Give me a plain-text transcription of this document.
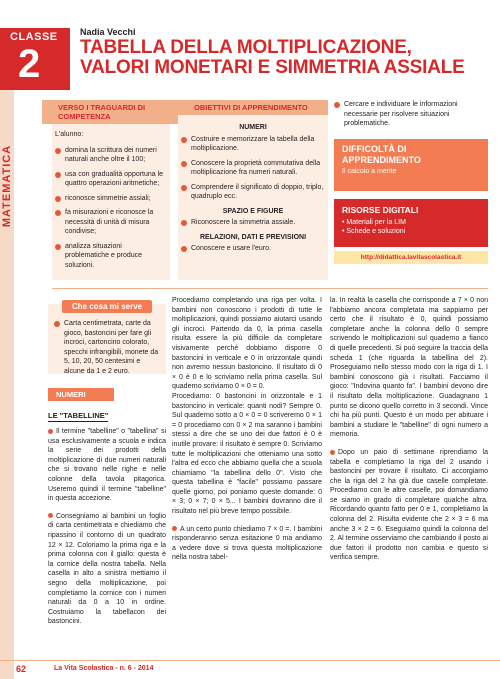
CLASSE
2
MATEMATICA
Nadia Vecchi
TABELLA DELLA MOLTIPLICAZIONE,
VALORI MONETARI E SIMMETRIA ASSIALE
VERSO I TRAGUARDI DI COMPETENZA
L'alunno:
domina la scrittura dei numeri naturali anche oltre il 100;
usa con gradualità opportuna le quattro operazioni aritmetiche;
riconosce simmetrie assiali;
fa misurazioni e riconosce la necessità di unità di misura condivise;
analizza situazioni problematiche e produce soluzioni.
OBIETTIVI DI APPRENDIMENTO
NUMERI
Costruire e memorizzare la tabella della moltiplicazione.
Conoscere la proprietà commutativa della moltiplicazione fra numeri naturali.
Comprendere il significato di doppio, triplo, quadruplo ecc.
SPAZIO E FIGURE
Riconoscere la simmetria assiale.
RELAZIONI, DATI E PREVISIONI
Conoscere e usare l'euro.
Cercare e individuare le informazioni necessarie per risolvere situazioni problematiche.
DIFFICOLTÀ DI APPRENDIMENTO
Il calcolo a mente
RISORSE DIGITALI
• Materiali per la LIM
• Schede e soluzioni
http://didattica.lavitascolastica.it
Che cosa mi serve
Carta centimetrata, carte da gioco, bastoncini per fare gli incroci, cartoncino colorato, specchi infrangibili, monete da 5, 10, 20, 50 centesimi e alcune da 1 e 2 euro.
NUMERI
LE "TABELLINE"

Il termine "tabelline" o "tabellina" si usa esclusivamente a scuola e indica la serie dei prodotti della moltiplicazione di due numeri naturali che si trovano nelle righe e nelle colonne della tavola pitagorica. Useremo quindi il termine "tabelline" in questa accezione.

Consegniamo ai bambini un foglio di carta centimetrata e chiediamo che ripassino il contorno di un quadrato 12 × 12. Coloriamo la prima riga e la prima colonna con il giallo: questa è la cornice della nostra tabella. Nella casella in alto a sinistra mettiamo il segno della moltiplicazione, poi completiamo la cornice con i numeri naturali da 0 a 10 in ordine. Costruiamo la tabellacon dei bastoncini.

Procediamo completando una riga per volta. I bambini non conoscono i prodotti di tutte le moltiplicazioni, quindi possiamo aiutarci usando gli incroci. Partendo da 0, la prima casella risulta essere la più difficile da completare visivamente perché dobbiamo disporre 0 bastoncini in verticale e 0 in orizzontale quindi non avremo nessun bastoncino. Il risultato di 0 × 0 è 0 e lo scriviamo nella prima casella. Sul quaderno scriviamo 0 × 0 = 0.

Procediamo: 0 bastoncini in orizzontale e 1 bastoncino in verticale: quanti nodi? Sempre 0. Sul quaderno sotto a 0 × 0 = 0 scriveremo 0 × 1 = 0 procediamo con 0 × 2 ma saranno i bambini stessi a dire che se uno dei due fattori è 0 è inutile provare: il risultato è sempre 0. Scriviamo tutte le moltiplicazioni che otteniamo una sotto l'altra ed ecco che abbiamo quella che a scuola chiamiamo "la tabellina dello 0". Visto che questa tabellina è "facile" possiamo passare quelle giorno, poi poniamo queste domande: 0 × 3; 0 × 7; 0 × 5... I bambini dovranno dire il risultato nel più breve tempo possibile.

A un certo punto chiediamo 7 × 0 =. I bambini risponderanno senza esitazione 0 ma andiamo a vedere dove si trova questa moltiplicazione nella nostra tabel-

la. In realtà la casella che corrisponde a 7 × 0 non l'abbiamo ancora completata ma sappiamo per certo che il risultato è 0, quindi possiamo completare anche la colonna dello 0 sempre scrivendo le moltiplicazioni sul quaderno a fianco di quelle precedenti. Si può seguire la traccia della scheda 1 (che riguarda la tabellina del 2). Proseguiamo nello stesso modo con la riga di 1. I bambini conoscono già i risultati. Facciamo il gioco: "Indovina quanto fa". I bambini devono dire il risultato della moltiplicazione. Guadagnano 1 punto se dicono quello corretto in 3 secondi. Vince chi ha più punti. Questo è un modo per abituare i bambini a studiare le "tabelline" di ogni numero a memoria.

Dopo un paio di settimane riprendiamo la tabella e completiamo la riga del 2 usando i bastoncini per trovare il risultato. Ci accorgiamo che la riga del 2 ha già due caselle completate. Procediamo con le altre caselle, poi domandiamo se siamo in grado di completare qualche altra. Ricordando quanto fatto per 0 e 1, completiamo la colonna del 2. Risulta evidente che 2 × 3 = 6 ma anche 3 × 2 = 6. Eseguiamo quindi la colonna del 2. Al termine osserviamo che cambiando il posto ai due fattori il prodotto non cambia e questo si verifica sempre.

62	La Vita Scolastica - n. 6 - 2014
